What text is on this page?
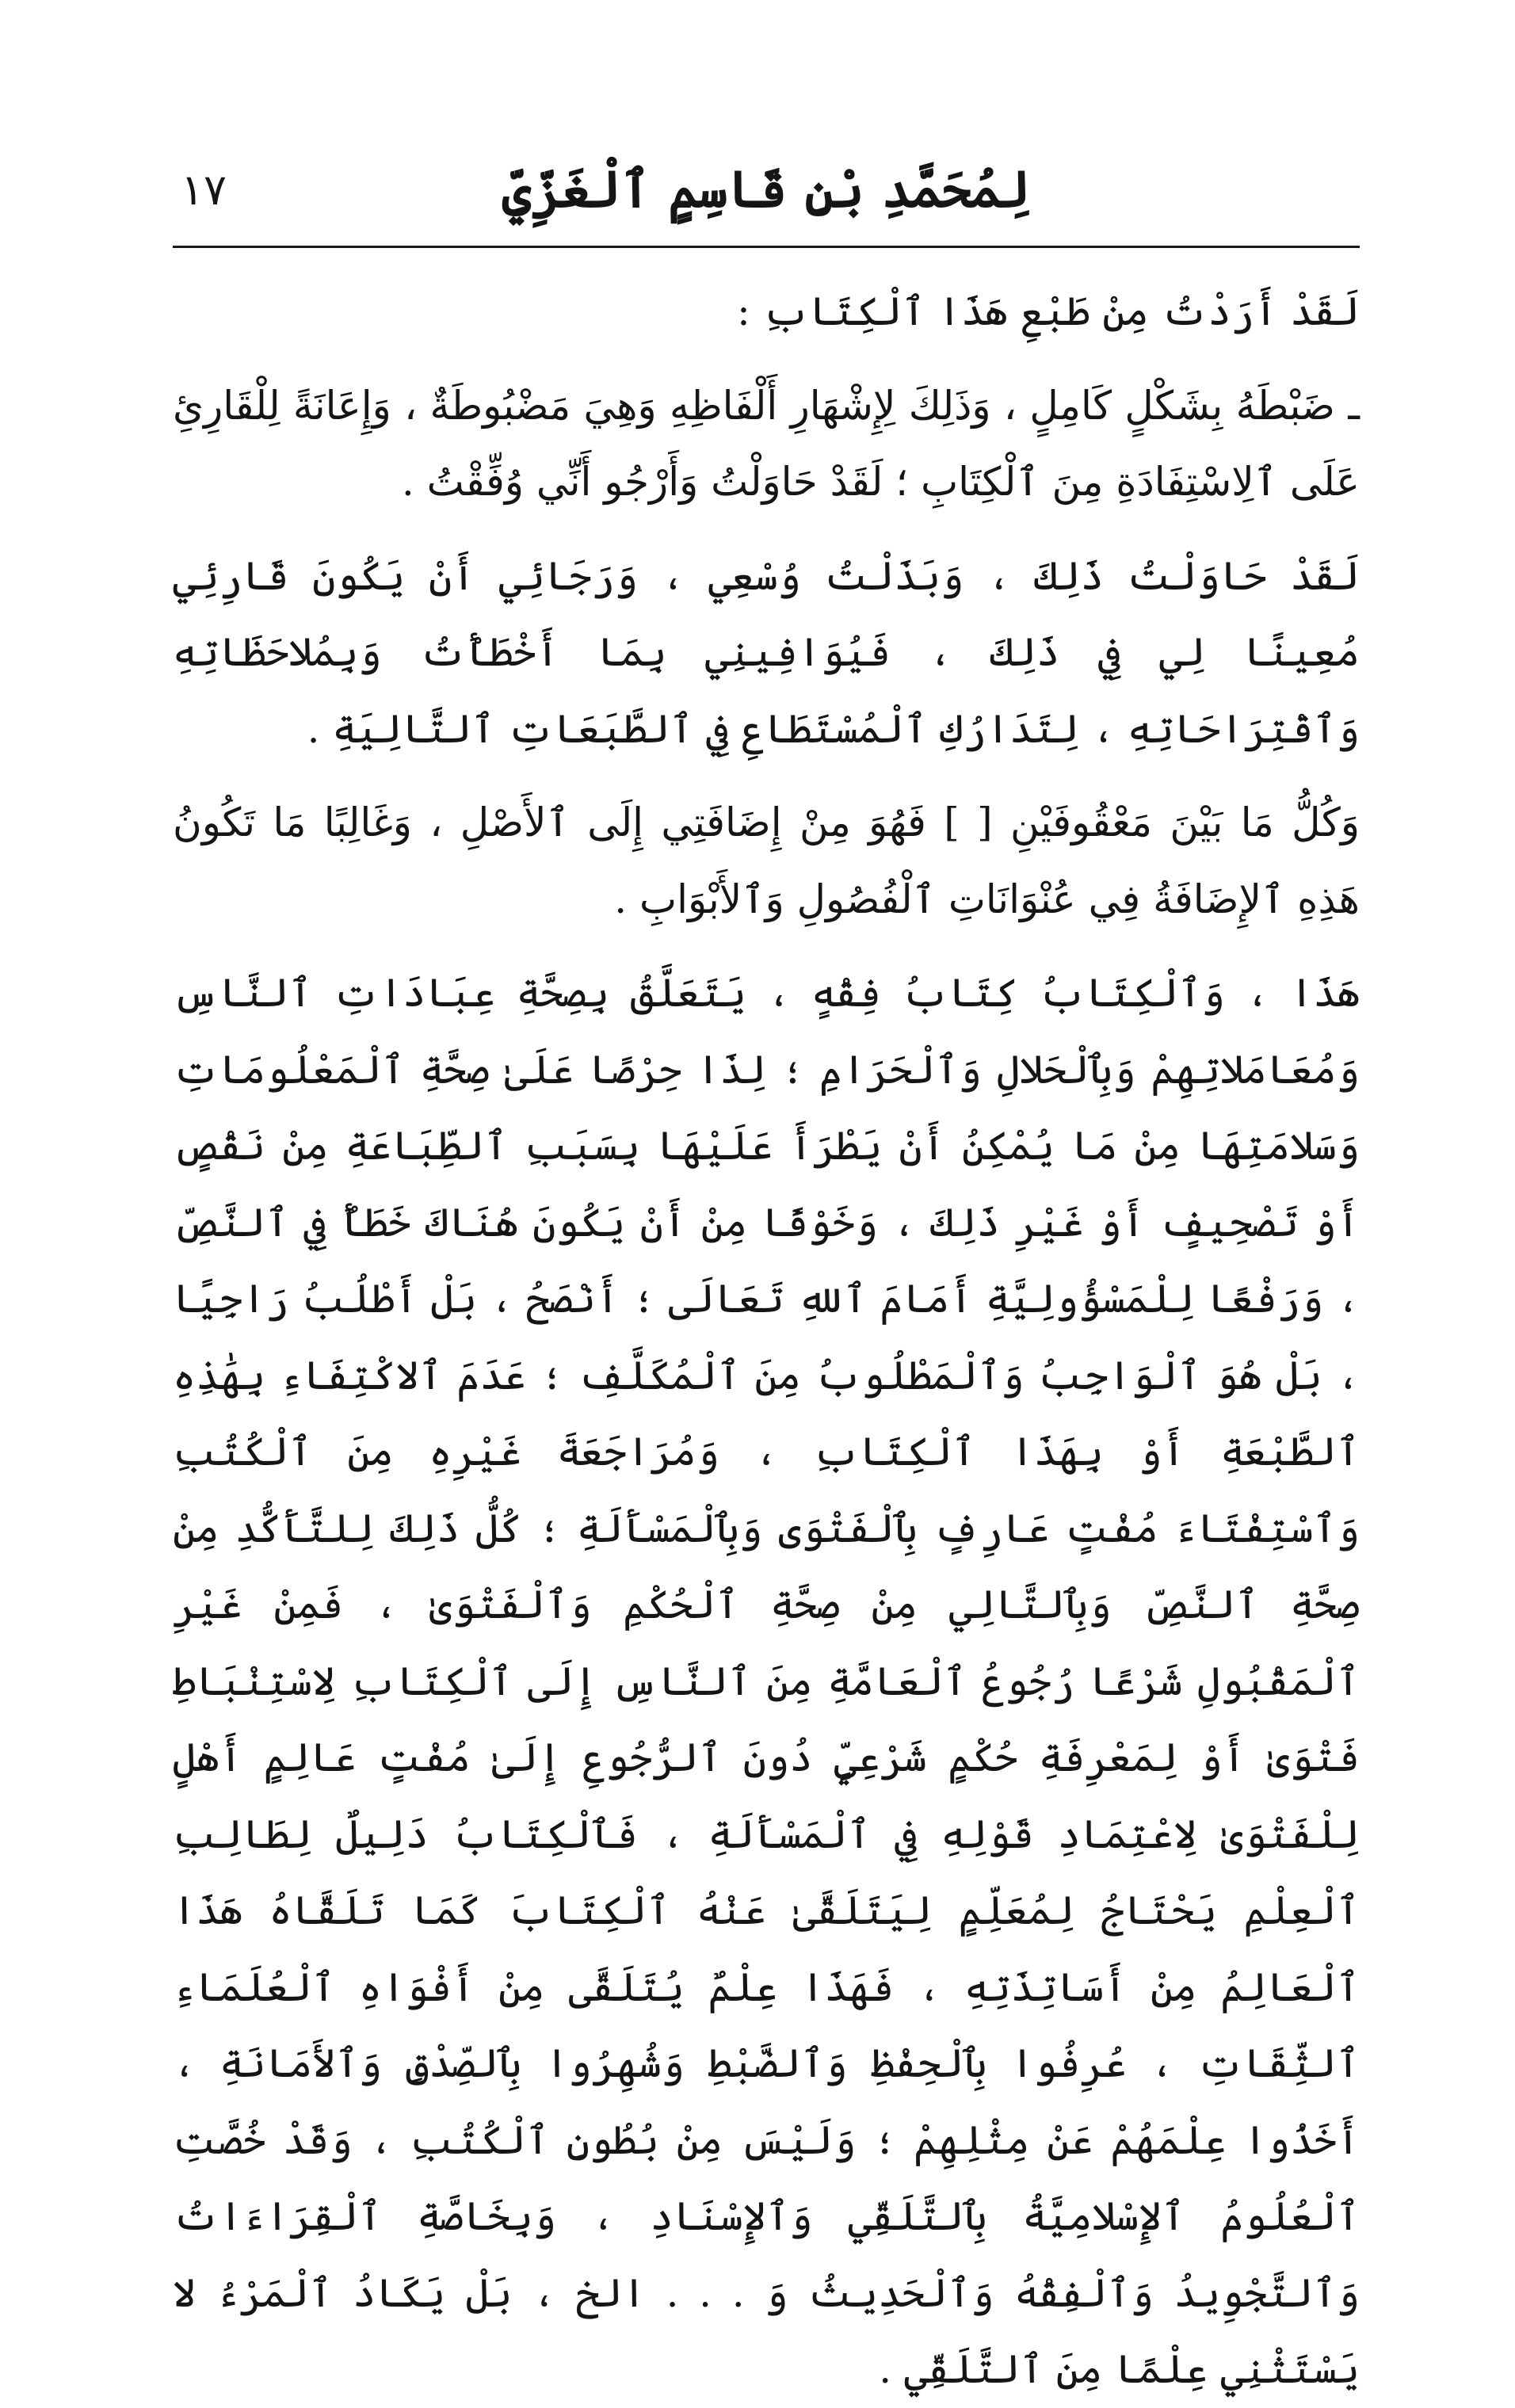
١٧	لِمُحَمَّدِ بْنِ قَاسِمٍ ٱلْغَزِّيِّ

لَقَدْ أَرَدْتُ مِنْ طَبْعِ هَذَا ٱلْكِتَابِ :

ـ ضَبْطَهُ بِشَكْلٍ كَامِلٍ ، وَذَلِكَ لِإِشْهَارِ أَلْفَاظِهِ وَهِيَ مَضْبُوطَةٌ ، وَإِعَانَةً لِلْقَارِئِ عَلَى ٱلِاسْتِفَادَةِ مِنَ ٱلْكِتَابِ ؛ لَقَدْ حَاوَلْتُ وَأَرْجُو أَنِّي وُفِّقْتُ .

لَقَدْ حَاوَلْتُ ذَلِكَ ، وَبَذَلْتُ وُسْعِي ، وَرَجَائِي أَنْ يَكُونَ قَارِئِي مُعِينًا لِي فِي ذَلِكَ ، فَيُوَافِينِي بِمَا أَخْطَأْتُ وَبِمُلاحَظَاتِهِ وَٱقْتِرَاحَاتِهِ ، لِتَدَارُكِ ٱلْمُسْتَطَاعِ فِي ٱلطَّبَعَاتِ ٱلتَّالِيَةِ .

وَكُلُّ مَا بَيْنَ مَعْقُوفَيْنِ [ ] فَهُوَ مِنْ إِضَافَتِي إِلَى ٱلأَصْلِ ، وَغَالِبًا مَا تَكُونُ هَذِهِ ٱلإِضَافَةُ فِي عُنْوَانَاتِ ٱلْفُصُولِ وَٱلأَبْوَابِ .

هَذَا ، وَٱلْكِتَابُ كِتَابُ فِقْهٍ ، يَتَعَلَّقُ بِصِحَّةِ عِبَادَاتِ ٱلنَّاسِ وَمُعَامَلاتِهِمْ وَبِٱلْحَلالِ وَٱلْحَرَامِ ؛ لِذَا حِرْصًا عَلَىٰ صِحَّةِ ٱلْمَعْلُومَاتِ وَسَلامَتِهَا مِنْ مَا يُمْكِنُ أَنْ يَطْرَأَ عَلَيْهَا بِسَبَبِ ٱلطِّبَاعَةِ مِنْ نَقْصٍ أَوْ تَصْحِيفٍ أَوْ غَيْرِ ذَلِكَ ، وَخَوْفًا مِنْ أَنْ يَكُونَ هُنَاكَ خَطَأٌ فِي ٱلنَّصِّ ، وَرَفْعًا لِلْمَسْؤُولِيَّةِ أَمَامَ ٱللهِ تَعَالَى ؛ أَنْصَحُ ، بَلْ أَطْلُبُ رَاجِيًا ، بَلْ هُوَ ٱلْوَاجِبُ وَٱلْمَطْلُوبُ مِنَ ٱلْمُكَلَّفِ ؛ عَدَمَ ٱلاكْتِفَاءِ بِهَٰذِهِ ٱلطَّبْعَةِ أَوْ بِهَذَا ٱلْكِتَابِ ، وَمُرَاجَعَةَ غَيْرِهِ مِنَ ٱلْكُتُبِ وَٱسْتِفْتَاءَ مُفْتٍ عَارِفٍ بِٱلْفَتْوَى وَبِٱلْمَسْأَلَةِ ؛ كُلُّ ذَلِكَ لِلتَّأَكُّدِ مِنْ صِحَّةِ ٱلنَّصِّ وَبِٱلتَّالِي مِنْ صِحَّةِ ٱلْحُكْمِ وَٱلْفَتْوَىٰ ، فَمِنْ غَيْرِ ٱلْمَقْبُولِ شَرْعًا رُجُوعُ ٱلْعَامَّةِ مِنَ ٱلنَّاسِ إِلَى ٱلْكِتَابِ لِاسْتِنْبَاطِ فَتْوَىٰ أَوْ لِمَعْرِفَةِ حُكْمٍ شَرْعِيٍّ دُونَ ٱلرُّجُوعِ إِلَىٰ مُفْتٍ عَالِمٍ أَهْلٍ لِلْفَتْوَىٰ لِاعْتِمَادِ قَوْلِهِ فِي ٱلْمَسْأَلَةِ ، فَٱلْكِتَابُ دَلِيلٌ لِطَالِبِ ٱلْعِلْمِ يَحْتَاجُ لِمُعَلِّمٍ لِيَتَلَقَّىٰ عَنْهُ ٱلْكِتَابَ كَمَا تَلَقَّاهُ هَذَا ٱلْعَالِمُ مِنْ أَسَاتِذَتِهِ ، فَهَذَا عِلْمٌ يُتَلَقَّى مِنْ أَفْوَاهِ ٱلْعُلَمَاءِ ٱلثِّقَاتِ ، عُرِفُوا بِٱلْحِفْظِ وَٱلضَّبْطِ وَشُهِرُوا بِٱلصِّدْقِ وَٱلأَمَانَةِ ، أَخَذُوا عِلْمَهُمْ عَنْ مِثْلِهِمْ ؛ وَلَيْسَ مِنْ بُطُونِ ٱلْكُتُبِ ، وَقَدْ خُصَّتِ ٱلْعُلُومُ ٱلإِسْلامِيَّةُ بِٱلتَّلَقِّي وَٱلإِسْنَادِ ، وَبِخَاصَّةِ ٱلْقِرَاءَاتُ وَٱلتَّجْوِيدُ وَٱلْفِقْهُ وَٱلْحَدِيثُ وَ . . . الخ ، بَلْ يَكَادُ ٱلْمَرْءُ لا يَسْتَثْنِي عِلْمًا مِنَ ٱلتَّلَقِّي .
